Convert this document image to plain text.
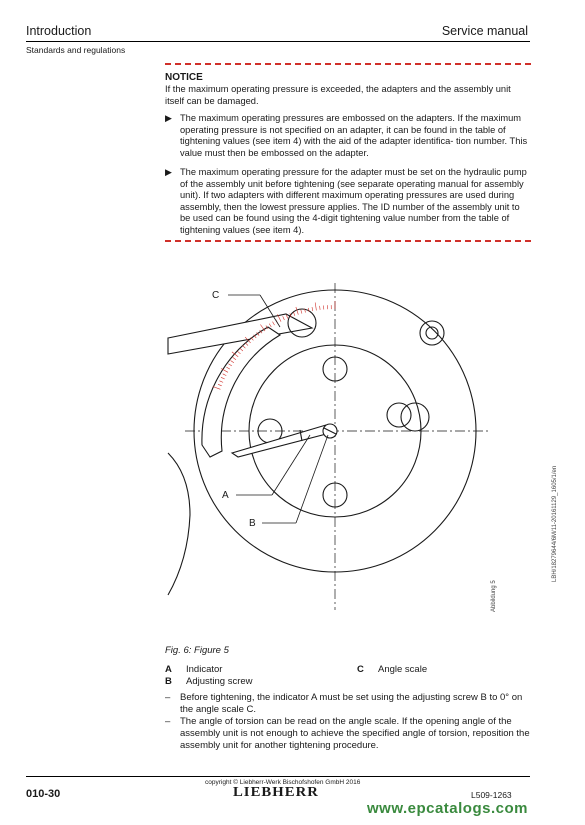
Introduction	Service manual
Standards and regulations
NOTICE
If the maximum operating pressure is exceeded, the adapters and the assembly unit itself can be damaged.
▶ The maximum operating pressures are embossed on the adapters. If the maximum operating pressure is not specified on an adapter, it can be found in the table of tightening values (see item 4) with the aid of the adapter identifica- tion number. This value must then be embossed on the adapter.
▶ The maximum operating pressure for the adapter must be set on the hydraulic pump of the assembly unit before tightening (see separate operating manual for assembly unit). If two adapters with different maximum operating pressures are used during assembly, then the lowest pressure applies. The ID number of the assembly unit to be used can be found using the 4-digit tightening value number from the table of tightening values (see item 4).
C
A
B
Abbildung 5
LBH/18279644/6M/11-20161129_1605/1/en
Fig. 6: Figure 5
A Indicator	C Angle scale
B Adjusting screw
– Before tightening, the indicator A must be set using the adjusting screw B to 0° on the angle scale C.
– The angle of torsion can be read on the angle scale. If the opening angle of the assembly unit is not enough to achieve the specified angle of torsion, reposition the assembly unit for another tightening procedure.
copyright © Liebherr-Werk Bischofshofen GmbH 2016
010-30	LIEBHERR	L509-1263
www.epcatalogs.com
